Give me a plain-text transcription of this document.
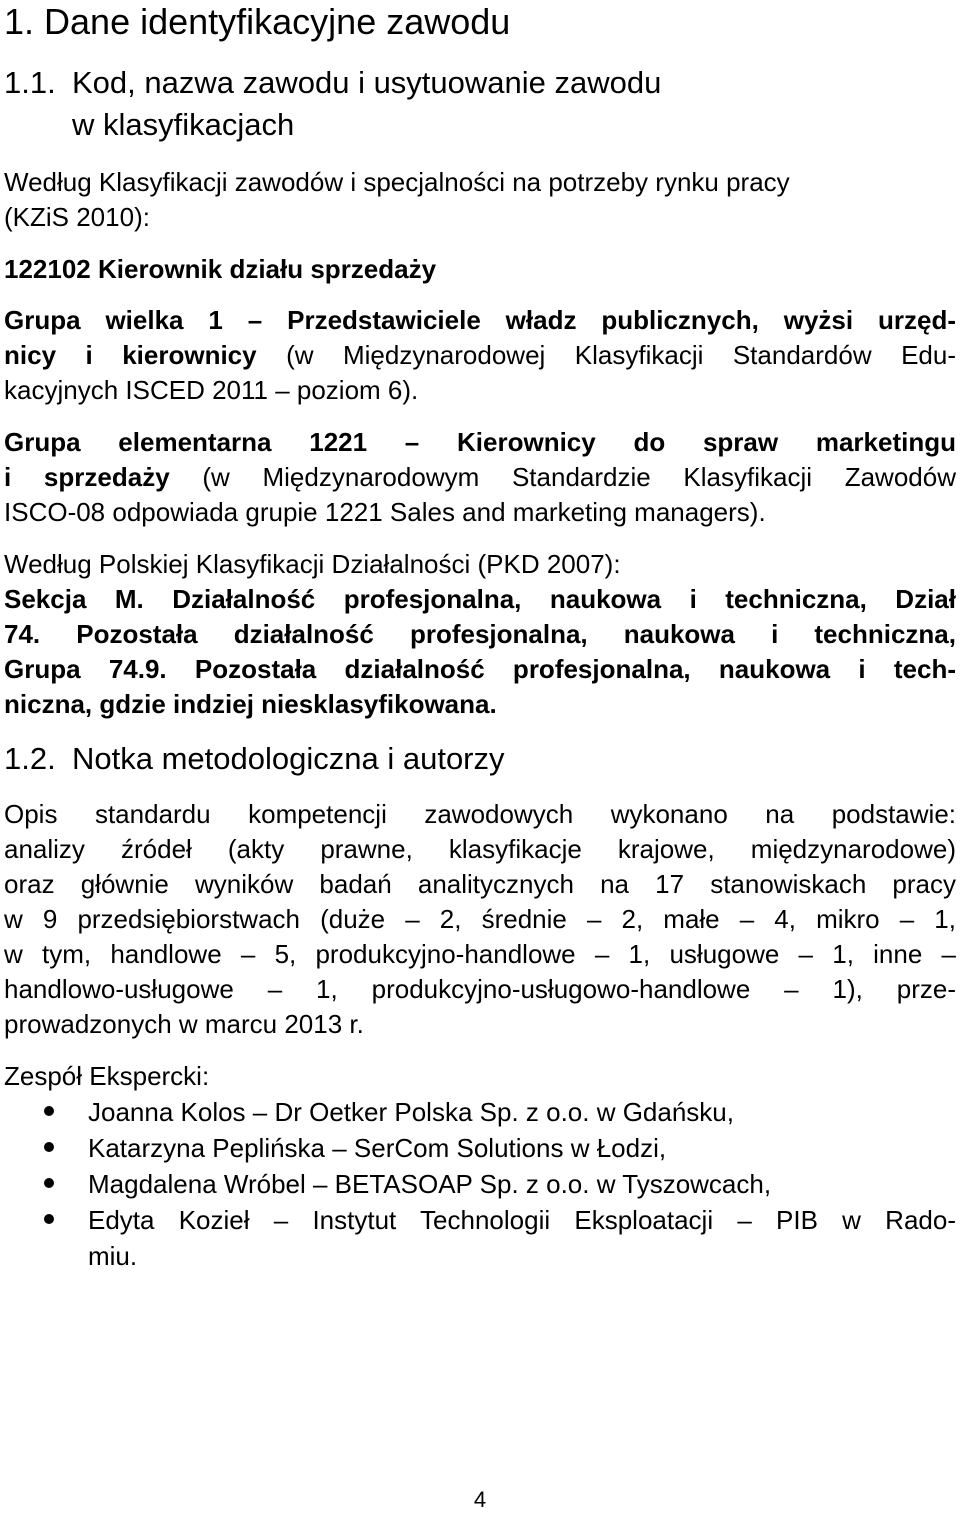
1. Dane identyfikacyjne zawodu
1.1. Kod, nazwa zawodu i usytuowanie zawodu
w klasyfikacjach
Według Klasyfikacji zawodów i specjalności na potrzeby rynku pracy
(KZiS 2010):
122102 Kierownik działu sprzedaży
Grupa wielka 1 – Przedstawiciele władz publicznych, wyżsi urzęd-
nicy i kierownicy (w Międzynarodowej Klasyfikacji Standardów Edu-
kacyjnych ISCED 2011 – poziom 6).
Grupa elementarna 1221 – Kierownicy do spraw marketingu
i sprzedaży (w Międzynarodowym Standardzie Klasyfikacji Zawodów
ISCO-08 odpowiada grupie 1221 Sales and marketing managers).
Według Polskiej Klasyfikacji Działalności (PKD 2007):
Sekcja M. Działalność profesjonalna, naukowa i techniczna, Dział
74. Pozostała działalność profesjonalna, naukowa i techniczna,
Grupa 74.9. Pozostała działalność profesjonalna, naukowa i tech-
niczna, gdzie indziej niesklasyfikowana.
1.2. Notka metodologiczna i autorzy
Opis standardu kompetencji zawodowych wykonano na podstawie:
analizy źródeł (akty prawne, klasyfikacje krajowe, międzynarodowe)
oraz głównie wyników badań analitycznych na 17 stanowiskach pracy
w 9 przedsiębiorstwach (duże – 2, średnie – 2, małe – 4, mikro – 1,
w tym, handlowe – 5, produkcyjno-handlowe – 1, usługowe – 1, inne –
handlowo-usługowe – 1, produkcyjno-usługowo-handlowe – 1), prze-
prowadzonych w marcu 2013 r.
Zespół Ekspercki:
Joanna Kolos – Dr Oetker Polska Sp. z o.o. w Gdańsku,
Katarzyna Peplińska – SerCom Solutions w Łodzi,
Magdalena Wróbel – BETASOAP Sp. z o.o. w Tyszowcach,
Edyta Kozieł – Instytut Technologii Eksploatacji – PIB w Rado-
miu.
4
